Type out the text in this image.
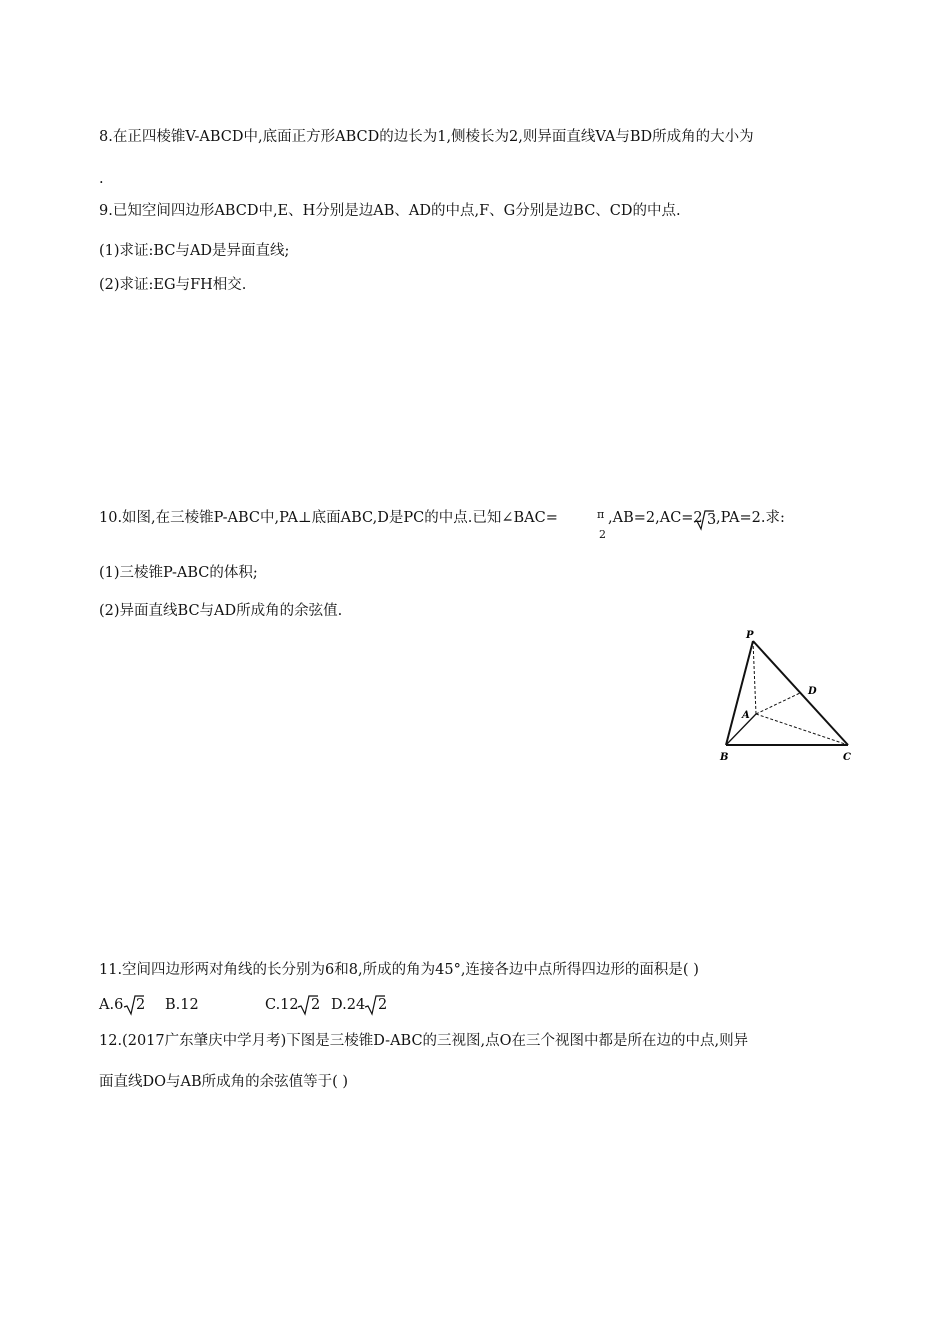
8.在正四棱锥V-ABCD中,底面正方形ABCD的边长为1,侧棱长为2,则异面直线VA与BD所成角的大小为
.
9.已知空间四边形ABCD中,E、H分别是边AB、AD的中点,F、G分别是边BC、CD的中点.
(1)求证:BC与AD是异面直线;
(2)求证:EG与FH相交.
10.如图,在三棱锥P-ABC中,PA⊥底面ABC,D是PC的中点.已知∠BAC=	π
2
,AB=2,AC=2 3 ,PA=2.求:
(1)三棱锥P-ABC的体积;
(2)异面直线BC与AD所成角的余弦值.
P
D
A
B	C
11.空间四边形两对角线的长分别为6和8,所成的角为45°,连接各边中点所得四边形的面积是( )
A.6 2 B.12	C.12 2 D.24 2
12.(2017广东肇庆中学月考)下图是三棱锥D-ABC的三视图,点O在三个视图中都是所在边的中点,则异
面直线DO与AB所成角的余弦值等于( )
